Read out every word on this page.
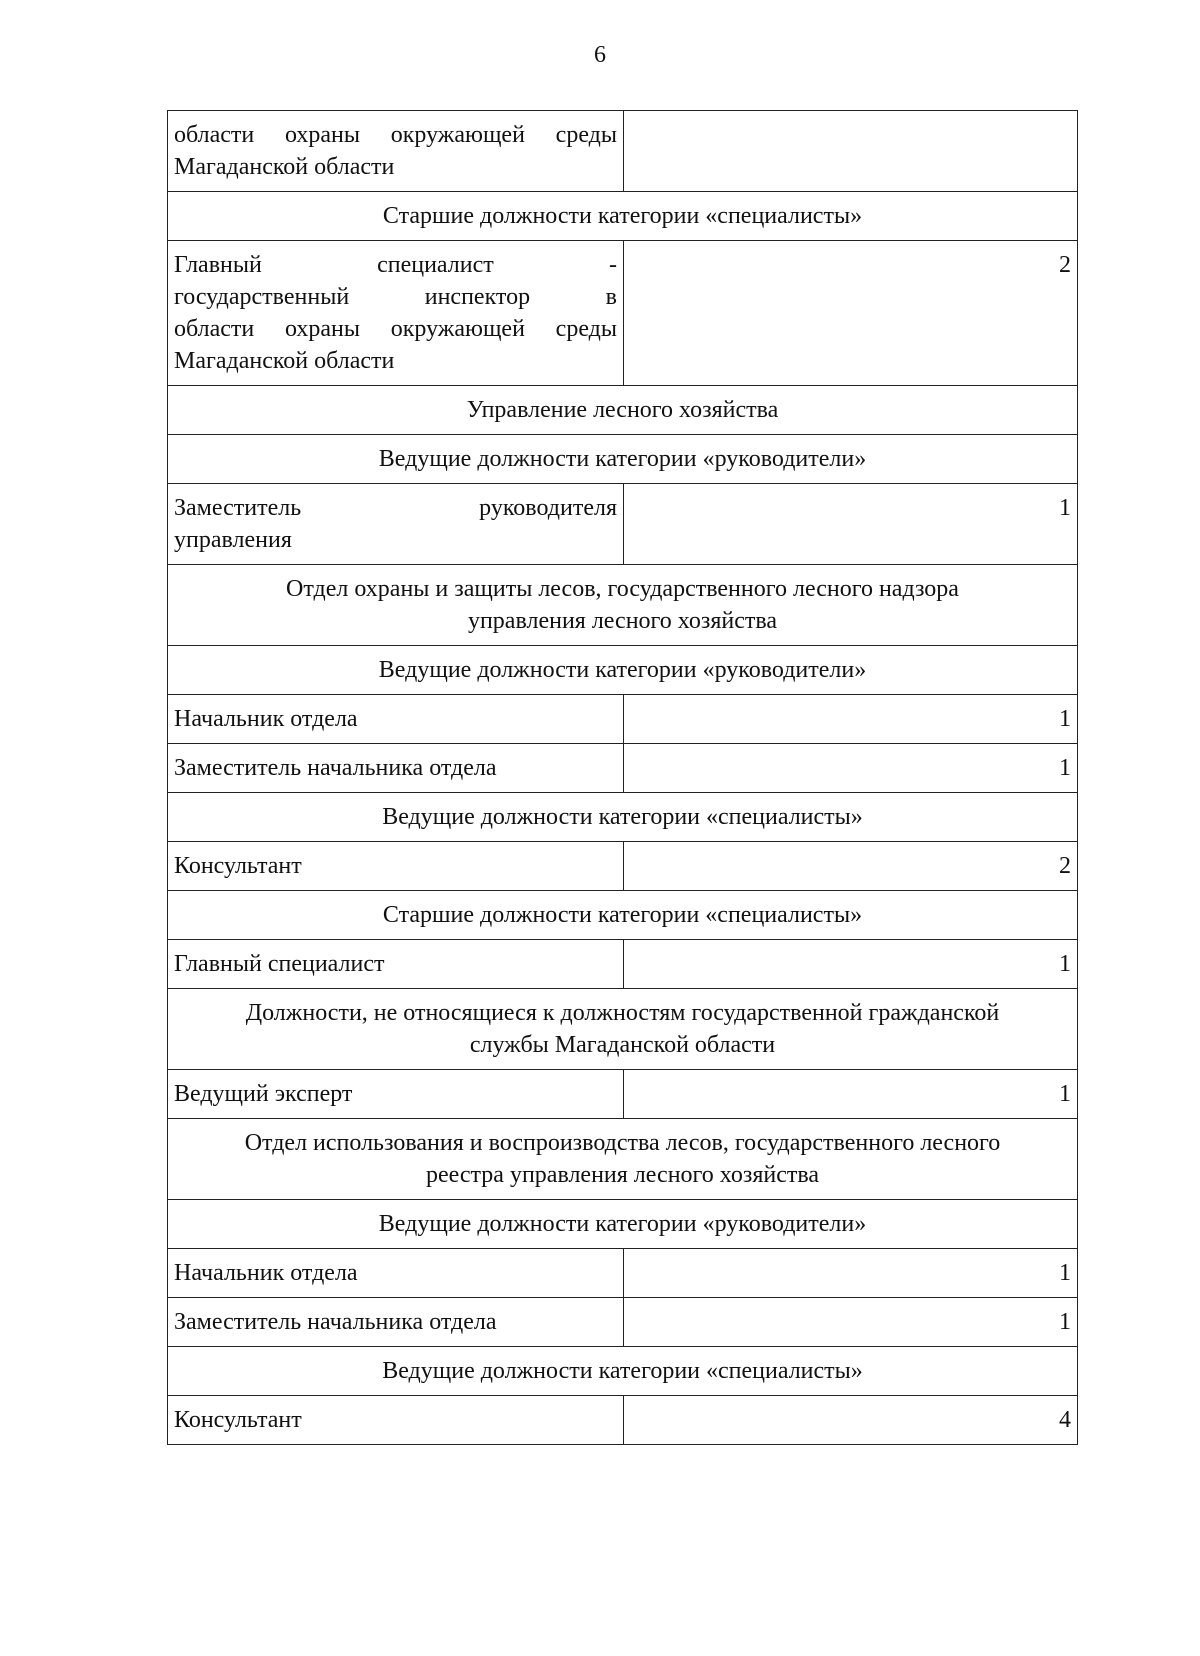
6
области охраны окружающей среды
Магаданской области	

Старшие должности категории «специалисты»	

Главный специалист -
государственный инспектор в
области охраны окружающей среды
Магаданской области	2

Управление лесного хозяйства	

Ведущие должности категории «руководители»	

Заместитель руководителя
управления	1

Отдел охраны и защиты лесов, государственного лесного надзора
управления лесного хозяйства	

Ведущие должности категории «руководители»	

Начальник отдела	1

Заместитель начальника отдела	1

Ведущие должности категории «специалисты»	

Консультант	2

Старшие должности категории «специалисты»	

Главный специалист	1

Должности, не относящиеся к должностям государственной гражданской
службы Магаданской области	

Ведущий эксперт	1

Отдел использования и воспроизводства лесов, государственного лесного
реестра управления лесного хозяйства	

Ведущие должности категории «руководители»	

Начальник отдела	1

Заместитель начальника отдела	1

Ведущие должности категории «специалисты»	

Консультант	4
